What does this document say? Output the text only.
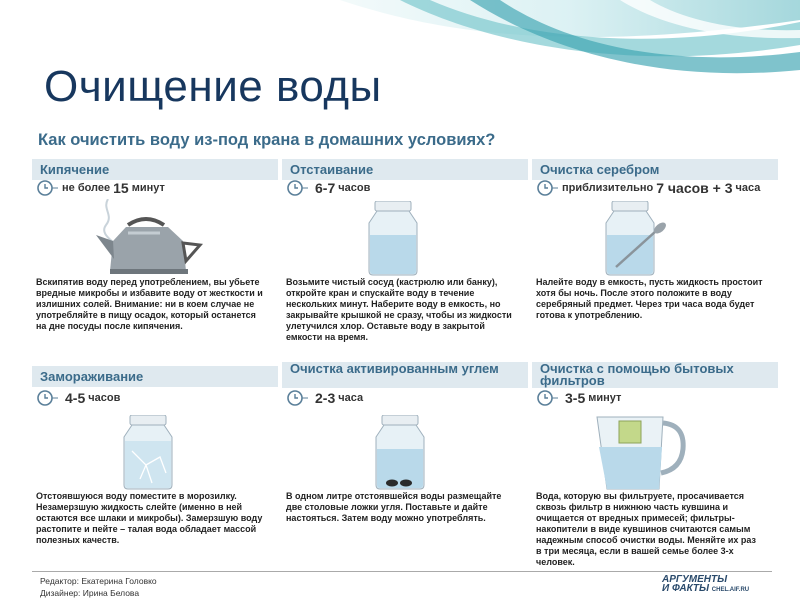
Очищение воды
Как очистить воду из-под крана в домашних условиях?
Кипячение
не более 15 минут
Вскипятив воду перед употреблением, вы убьете вредные микробы и избавите воду от жесткости и излишних солей. Внимание: ни в коем случае не употребляйте в пищу осадок, который останется на дне посуды после кипячения.
Отстаивание
6-7 часов
Возьмите чистый сосуд (кастрюлю или банку), откройте кран и спускайте воду в течение нескольких минут. Наберите воду в емкость, но закрывайте крышкой не сразу, чтобы из жидкости улетучился хлор. Оставьте воду в закрытой емкости на время.
Очистка серебром
приблизительно 7 часов + 3 часа
Налейте воду в емкость, пусть жидкость простоит хотя бы ночь. После этого положите в воду серебряный предмет. Через три часа вода будет готова к употреблению.
Замораживание
4-5 часов
Отстоявшуюся воду поместите в морозилку. Незамерзшую жидкость слейте (именно в ней остаются все шлаки и микробы). Замерзшую воду растопите и пейте – талая вода обладает массой полезных качеств.
Очистка активированным углем
2-3 часа
В одном литре отстоявшейся воды размещайте две столовые ложки угля. Поставьте и дайте настояться. Затем воду можно употреблять.
Очистка с помощью бытовых фильтров
3-5 минут
Вода, которую вы фильтруете, просачивается сквозь фильтр в нижнюю часть кувшина и очищается от вредных примесей; фильтры-накопители в виде кувшинов считаются самым надежным способ очистки воды. Меняйте их раз в три месяца, если в вашей семье более 3-х человек.
Редактор: Екатерина Головко
Дизайнер: Ирина Белова
АРГУМЕНТЫ
И ФАКТЫ CHEL.AIF.RU
